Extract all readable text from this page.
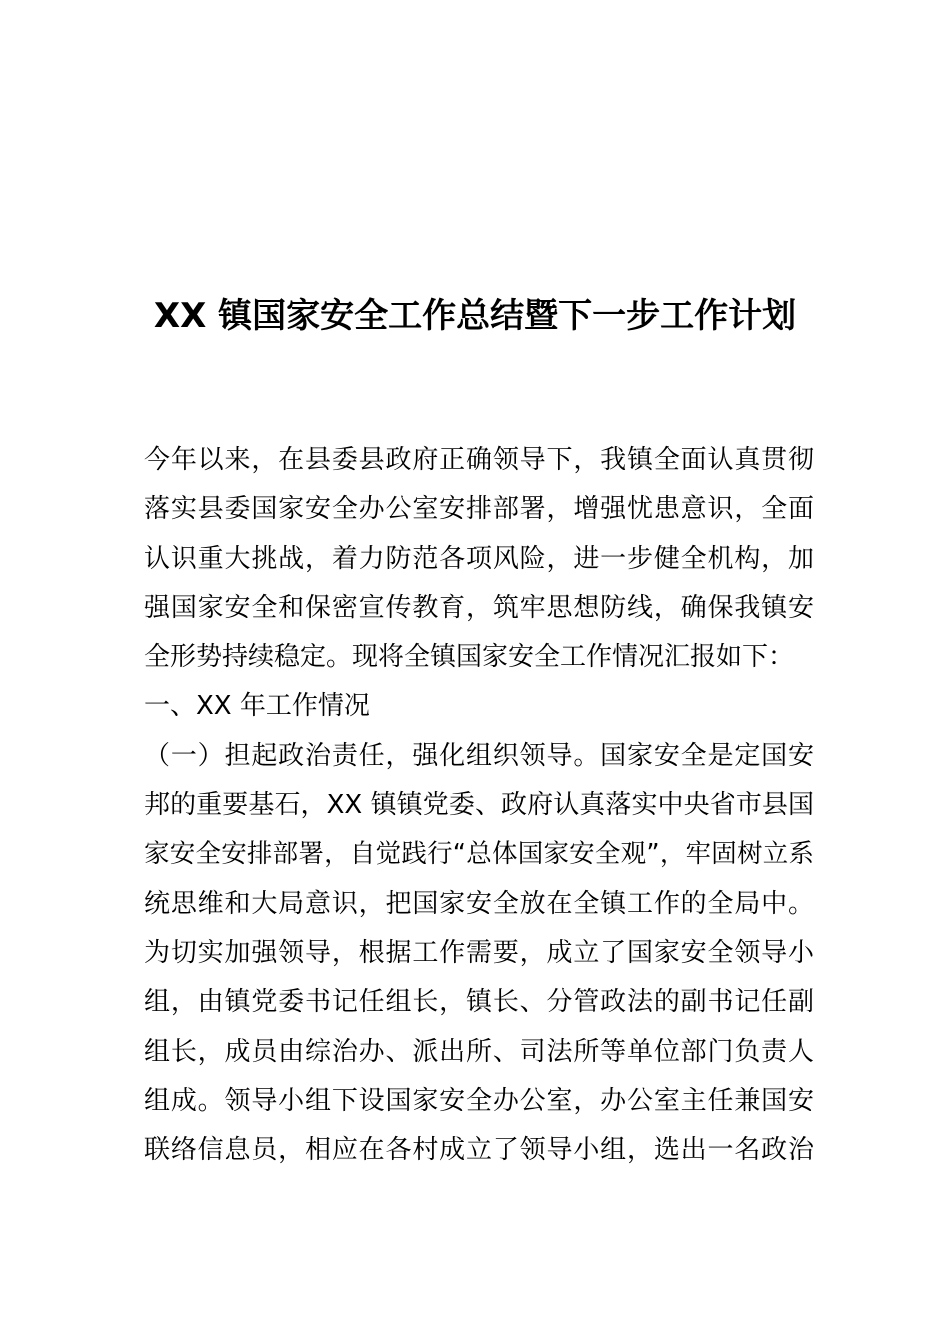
XX 镇国家安全工作总结暨下一步工作计划
今年以来，在县委县政府正确领导下，我镇全面认真贯彻
落实县委国家安全办公室安排部署，增强忧患意识，全面
认识重大挑战，着力防范各项风险，进一步健全机构，加
强国家安全和保密宣传教育，筑牢思想防线，确保我镇安
全形势持续稳定。现将全镇国家安全工作情况汇报如下：
一、XX 年工作情况
（一）担起政治责任，强化组织领导。国家安全是定国安
邦的重要基石，XX 镇镇党委、政府认真落实中央省市县国
家安全安排部署，自觉践行“总体国家安全观”，牢固树立系
统思维和大局意识，把国家安全放在全镇工作的全局中。
为切实加强领导，根据工作需要，成立了国家安全领导小
组，由镇党委书记任组长，镇长、分管政法的副书记任副
组长，成员由综治办、派出所、司法所等单位部门负责人
组成。领导小组下设国家安全办公室，办公室主任兼国安
联络信息员，相应在各村成立了领导小组，选出一名政治
